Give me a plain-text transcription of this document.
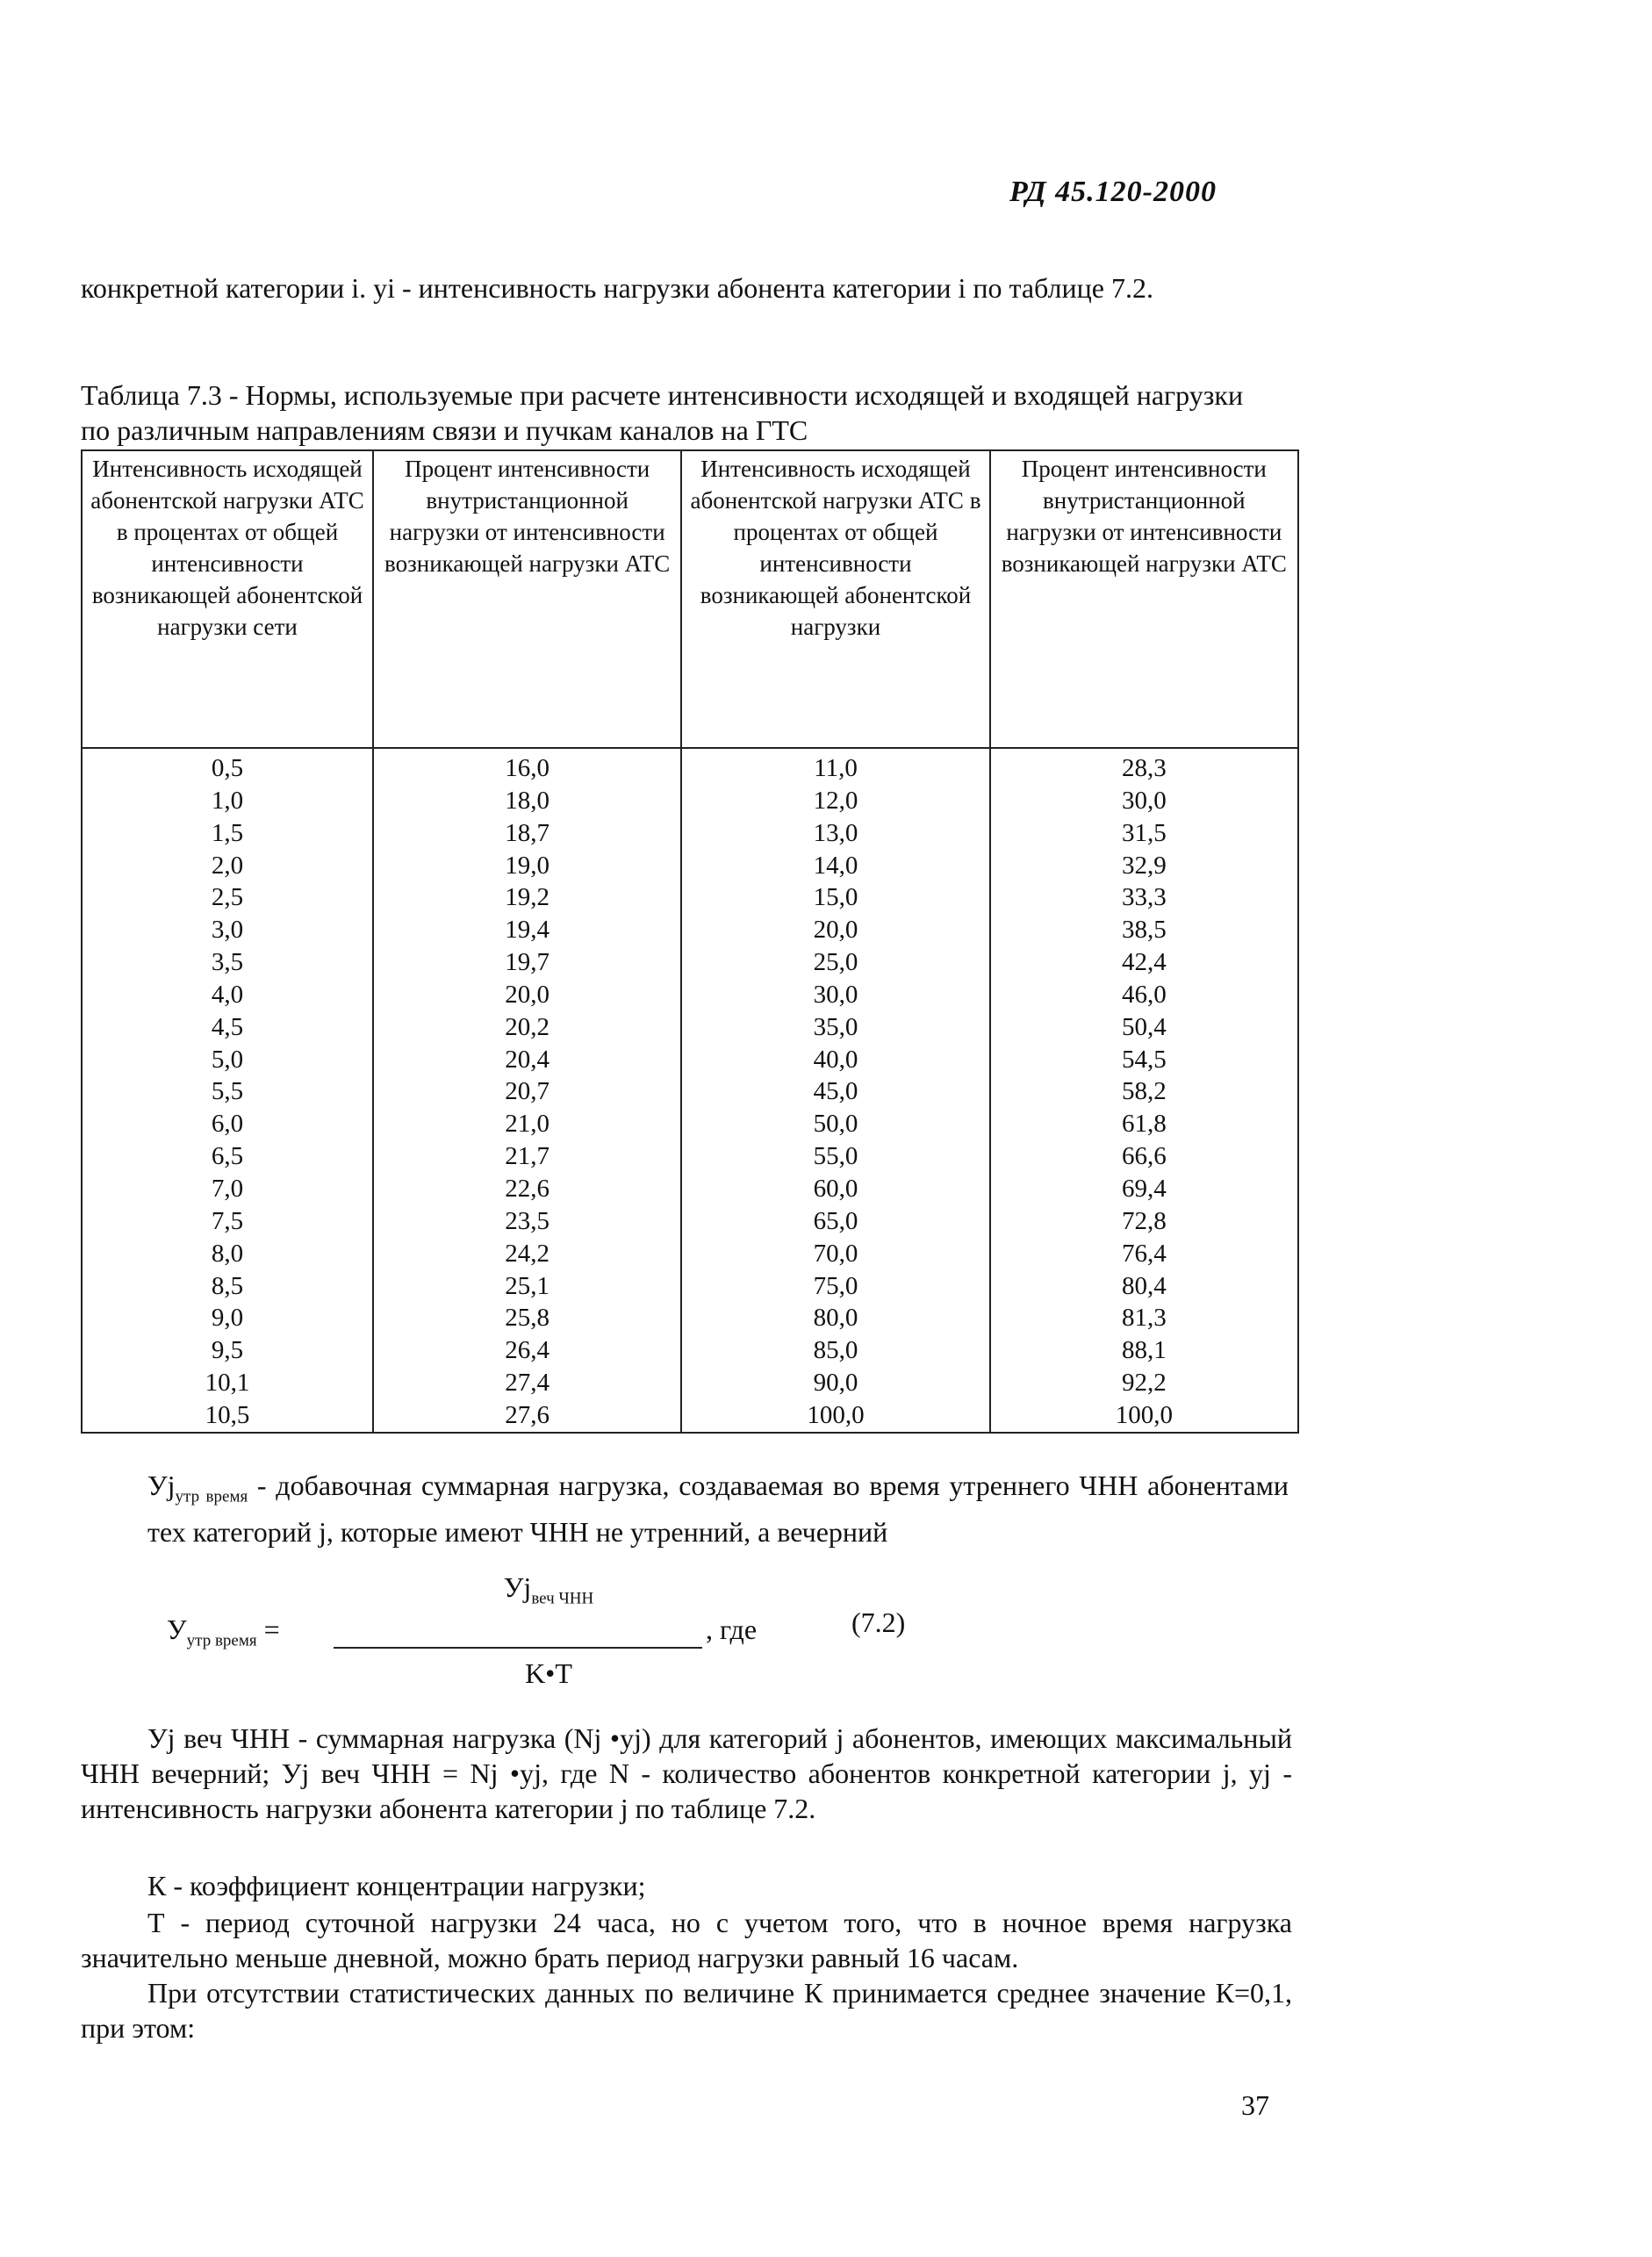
РД 45.120-2000
конкретной категории i. yi - интенсивность нагрузки абонента категории i по таблице 7.2.
Таблица 7.3 - Нормы, используемые при расчете интенсивности исходящей и входящей нагрузки по различным направлениям связи и пучкам каналов на ГТС
Интенсивность исходящей абонентской нагрузки АТС в процентах от общей интенсивности возникающей абонентской нагрузки сети	Процент интенсивности внутристанционной нагрузки от интенсивности возникающей нагрузки АТС	Интенсивность исходящей абонентской нагрузки АТС в процентах от общей интенсивности возникающей абонентской нагрузки	Процент интенсивности внутристанционной нагрузки от интенсивности возникающей нагрузки АТС
0,5	16,0	11,0	28,3
1,0	18,0	12,0	30,0
1,5	18,7	13,0	31,5
2,0	19,0	14,0	32,9
2,5	19,2	15,0	33,3
3,0	19,4	20,0	38,5
3,5	19,7	25,0	42,4
4,0	20,0	30,0	46,0
4,5	20,2	35,0	50,4
5,0	20,4	40,0	54,5
5,5	20,7	45,0	58,2
6,0	21,0	50,0	61,8
6,5	21,7	55,0	66,6
7,0	22,6	60,0	69,4
7,5	23,5	65,0	72,8
8,0	24,2	70,0	76,4
8,5	25,1	75,0	80,4
9,0	25,8	80,0	81,3
9,5	26,4	85,0	88,1
10,1	27,4	90,0	92,2
10,5	27,6	100,0	100,0
$Уj_{утр время}$ - добавочная суммарная нагрузка, создаваемая во время утреннего ЧНН абонентами тех категорий j, которые имеют ЧНН не утренний, а вечерний
$У_{утр время}$ =
$Уj_{веч ЧНН}$
K•T
, где	(7.2)
Уj веч ЧНН - суммарная нагрузка (Nj •yj) для категорий j абонентов, имеющих максимальный ЧНН вечерний; Уj веч ЧНН = Nj •yj, где N - количество абонентов конкретной категории j, yj - интенсивность нагрузки абонента категории j по таблице 7.2.
К - коэффициент концентрации нагрузки;
Т - период суточной нагрузки 24 часа, но с учетом того, что в ночное время нагрузка значительно меньше дневной, можно брать период нагрузки равный 16 часам.
При отсутствии статистических данных по величине К принимается среднее значение К=0,1, при этом:
37
